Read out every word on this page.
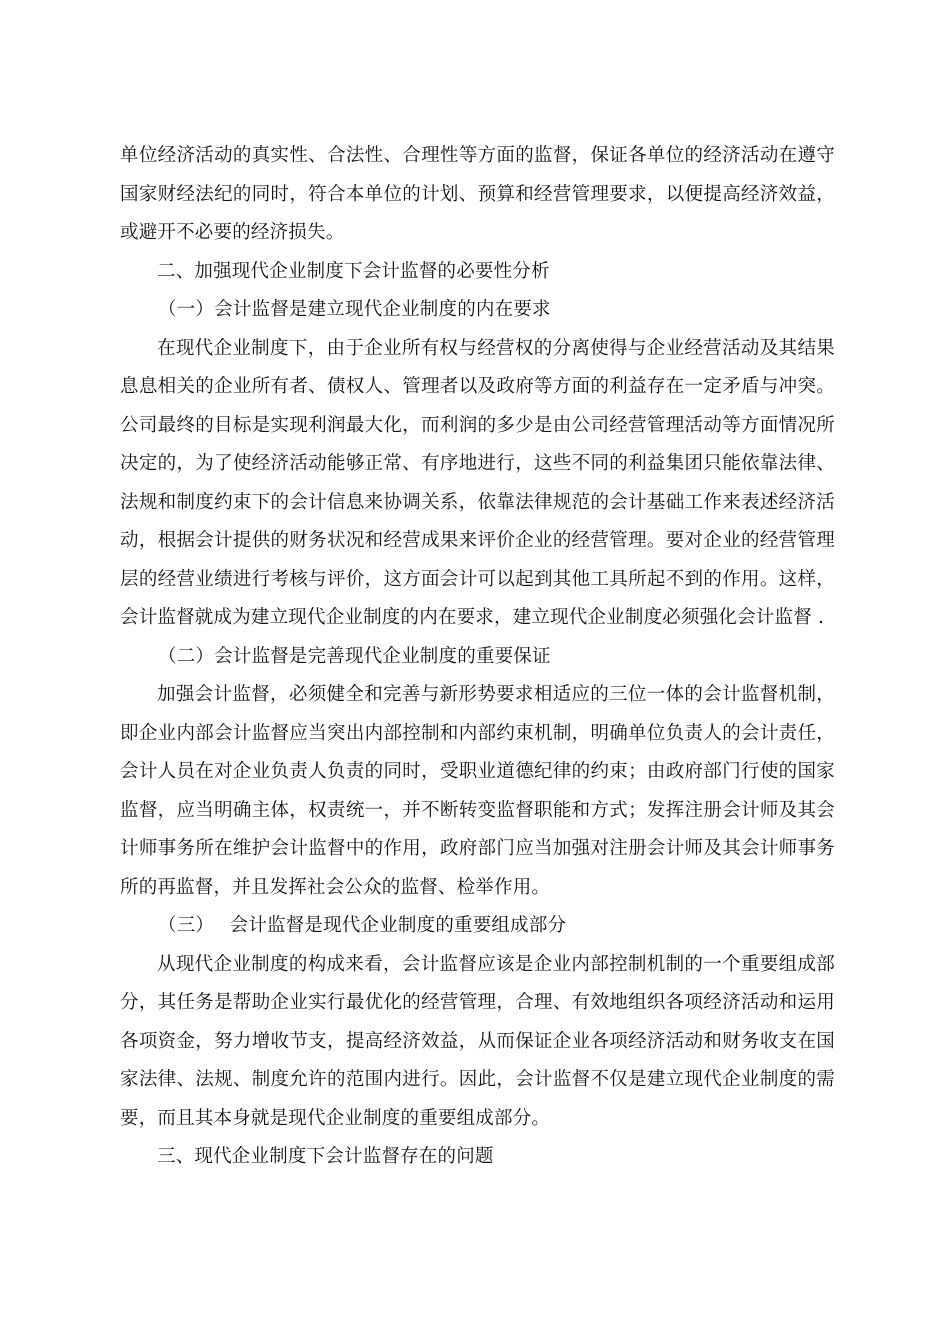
单位经济活动的真实性、合法性、合理性等方面的监督，保证各单位的经济活动在遵守国家财经法纪的同时，符合本单位的计划、预算和经营管理要求，以便提高经济效益，或避开不必要的经济损失。

二、加强现代企业制度下会计监督的必要性分析

（一）会计监督是建立现代企业制度的内在要求

在现代企业制度下，由于企业所有权与经营权的分离使得与企业经营活动及其结果息息相关的企业所有者、债权人、管理者以及政府等方面的利益存在一定矛盾与冲突。公司最终的目标是实现利润最大化，而利润的多少是由公司经营管理活动等方面情况所决定的，为了使经济活动能够正常、有序地进行，这些不同的利益集团只能依靠法律、法规和制度约束下的会计信息来协调关系，依靠法律规范的会计基础工作来表述经济活动，根据会计提供的财务状况和经营成果来评价企业的经营管理。要对企业的经营管理层的经营业绩进行考核与评价，这方面会计可以起到其他工具所起不到的作用。这样，会计监督就成为建立现代企业制度的内在要求，建立现代企业制度必须强化会计监督 .

（二）会计监督是完善现代企业制度的重要保证

加强会计监督，必须健全和完善与新形势要求相适应的三位一体的会计监督机制，即企业内部会计监督应当突出内部控制和内部约束机制，明确单位负责人的会计责任，会计人员在对企业负责人负责的同时，受职业道德纪律的约束；由政府部门行使的国家监督，应当明确主体，权责统一，并不断转变监督职能和方式；发挥注册会计师及其会计师事务所在维护会计监督中的作用，政府部门应当加强对注册会计师及其会计师事务所的再监督，并且发挥社会公众的监督、检举作用。

（三）　 会计监督是现代企业制度的重要组成部分

从现代企业制度的构成来看，会计监督应该是企业内部控制机制的一个重要组成部分，其任务是帮助企业实行最优化的经营管理，合理、有效地组织各项经济活动和运用各项资金，努力增收节支，提高经济效益，从而保证企业各项经济活动和财务收支在国家法律、法规、制度允许的范围内进行。因此，会计监督不仅是建立现代企业制度的需要，而且其本身就是现代企业制度的重要组成部分。

三、现代企业制度下会计监督存在的问题
